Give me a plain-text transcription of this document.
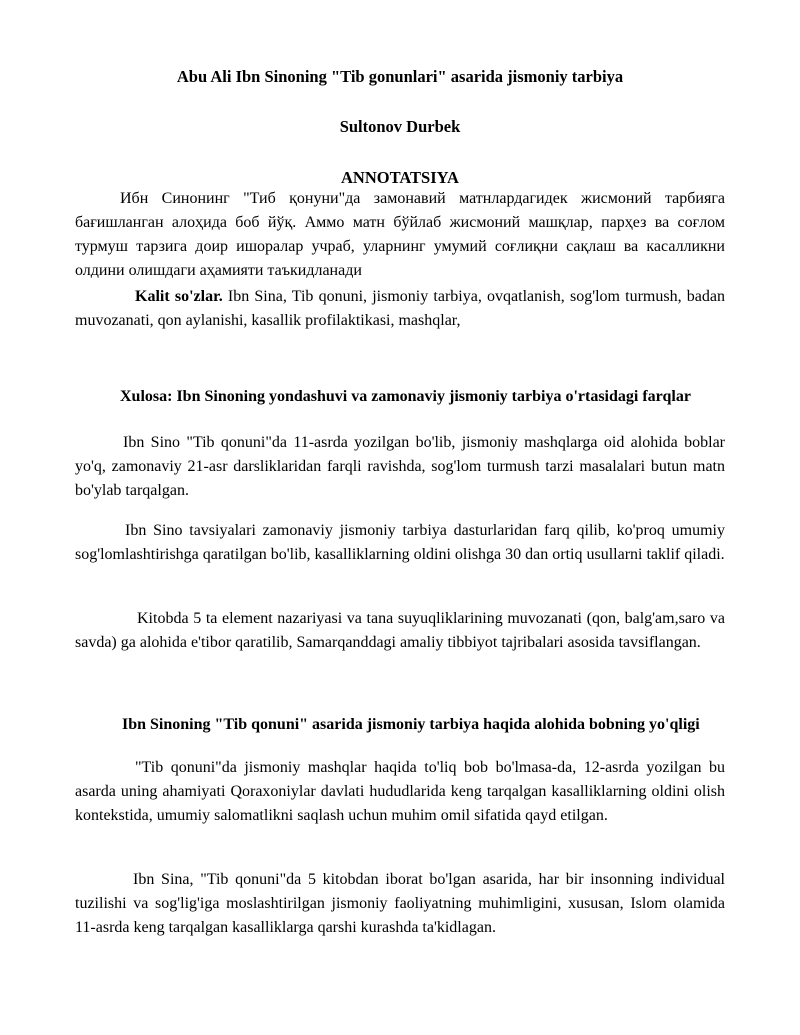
Abu Ali Ibn Sinoning "Tib gonunlari" asarida jismoniy tarbiya
Sultonov Durbek
ANNOTATSIYA

Ибн Синонинг "Тиб қонуни"да замонавий матнлардагидек жисмоний тарбияга бағишланган алоҳида боб йўқ. Аммо матн бўйлаб жисмоний машқлар, парҳез ва соғлом турмуш тарзига доир ишоралар учраб, уларнинг умумий соғлиқни сақлаш ва касалликни олдини олишдаги аҳамияти таъкидланади

Kalit so'zlar. Ibn Sina, Tib qonuni, jismoniy tarbiya, ovqatlanish, sog'lom turmush, badan muvozanati, qon aylanishi, kasallik profilaktikasi, mashqlar,

Xulosa: Ibn Sinoning yondashuvi va zamonaviy jismoniy tarbiya o'rtasidagi farqlar

Ibn Sino "Tib qonuni"da 11-asrda yozilgan bo'lib, jismoniy mashqlarga oid alohida boblar yo'q, zamonaviy 21-asr darsliklaridan farqli ravishda, sog'lom turmush tarzi masalalari butun matn bo'ylab tarqalgan.

Ibn Sino tavsiyalari zamonaviy jismoniy tarbiya dasturlaridan farq qilib, ko'proq umumiy sog'lomlashtirishga qaratilgan bo'lib, kasalliklarning oldini olishga 30 dan ortiq usullarni taklif qiladi.

Kitobda 5 ta element nazariyasi va tana suyuqliklarining muvozanati (qon, balg'am,saro va savda) ga alohida e'tibor qaratilib, Samarqanddagi amaliy tibbiyot tajribalari asosida tavsiflangan.

Ibn Sinoning "Tib qonuni" asarida jismoniy tarbiya haqida alohida bobning yo'qligi

"Tib qonuni"da jismoniy mashqlar haqida to'liq bob bo'lmasa-da, 12-asrda yozilgan bu asarda uning ahamiyati Qoraxoniylar davlati hududlarida keng tarqalgan kasalliklarning oldini olish kontekstida, umumiy salomatlikni saqlash uchun muhim omil sifatida qayd etilgan.

Ibn Sina, "Tib qonuni"da 5 kitobdan iborat bo'lgan asarida, har bir insonning individual tuzilishi va sog'lig'iga moslashtirilgan jismoniy faoliyatning muhimligini, xususan, Islom olamida 11-asrda keng tarqalgan kasalliklarga qarshi kurashda ta'kidlagan.
